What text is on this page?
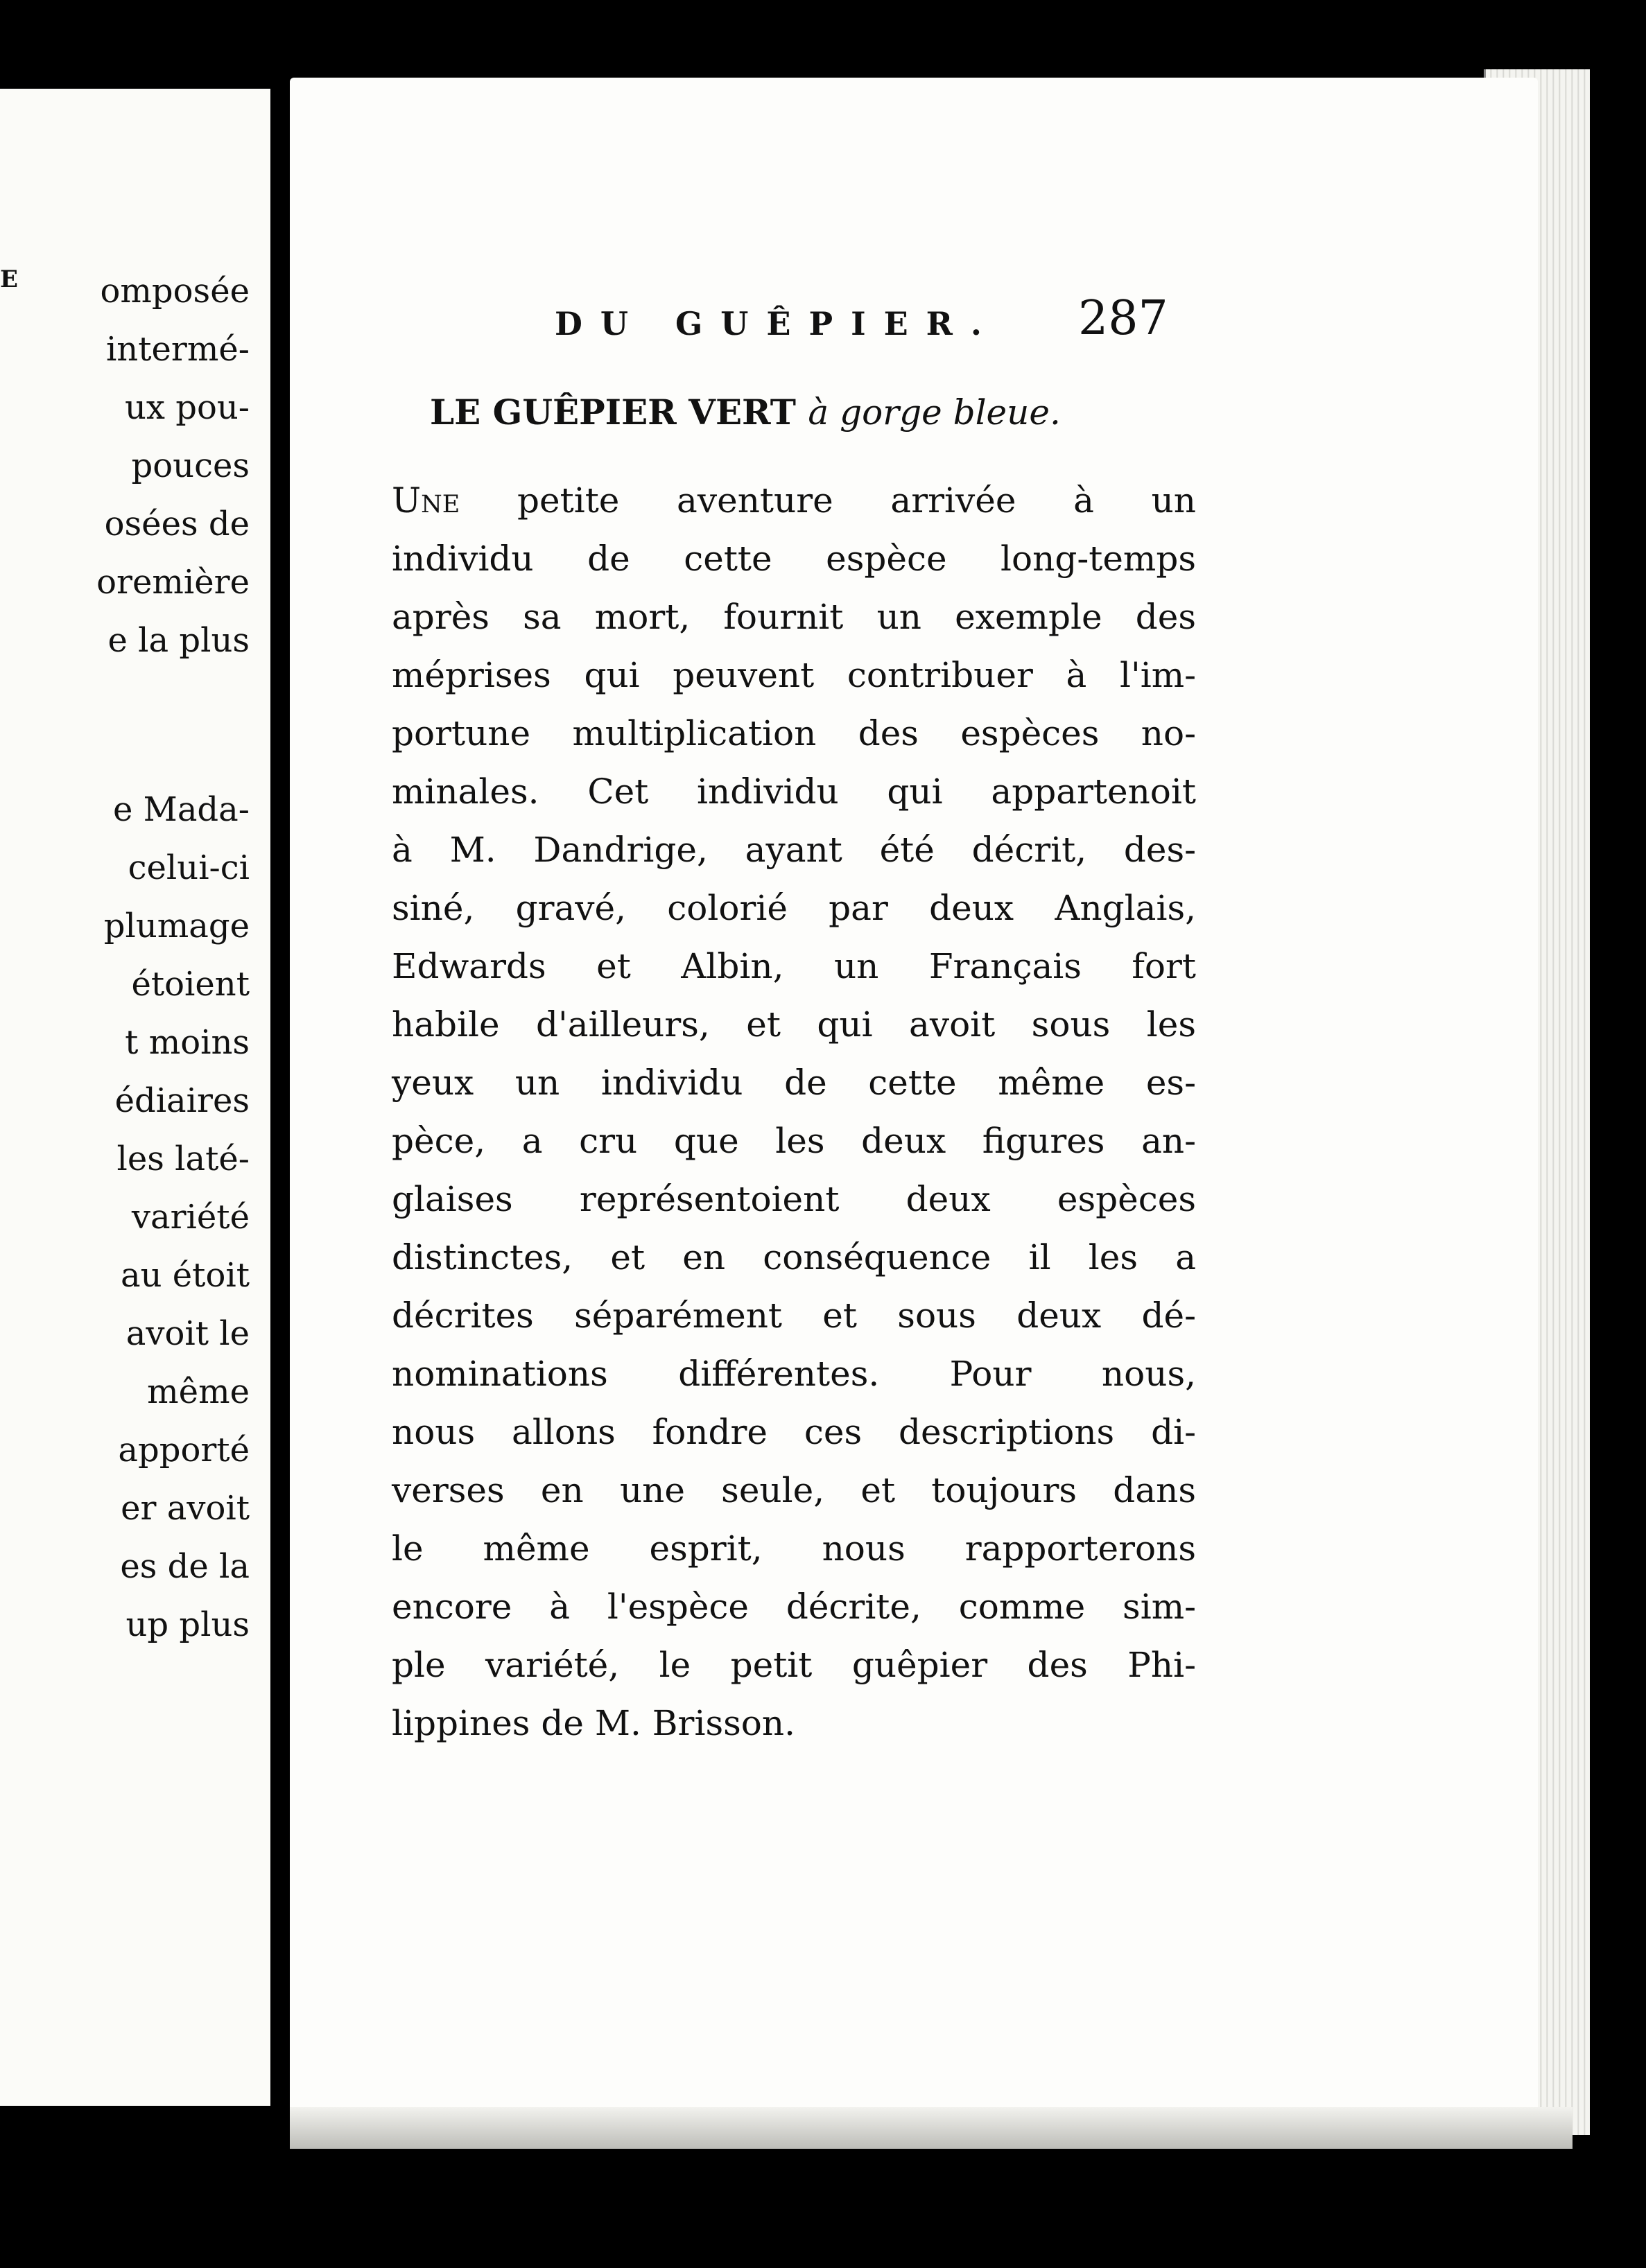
E	omposée
intermé-
ux pou-
pouces
osées de
oremière
e la plus
e Mada-
celui-ci
plumage
étoient
t moins
édiaires
les laté-
variété
au étoit
avoit le
même
apporté
er avoit
es de la
up plus
DU GUÊPIER. 287
LE GUÊPIER VERT à gorge bleue.
Une petite aventure arrivée à un
individu de cette espèce long-temps
après sa mort, fournit un exemple des
méprises qui peuvent contribuer à l'im-
portune multiplication des espèces no-
minales. Cet individu qui appartenoit
à M. Dandrige, ayant été décrit, des-
siné, gravé, colorié par deux Anglais,
Edwards et Albin, un Français fort
habile d'ailleurs, et qui avoit sous les
yeux un individu de cette même es-
pèce, a cru que les deux figures an-
glaises représentoient deux espèces
distinctes, et en conséquence il les a
décrites séparément et sous deux dé-
nominations différentes. Pour nous,
nous allons fondre ces descriptions di-
verses en une seule, et toujours dans
le même esprit, nous rapporterons
encore à l'espèce décrite, comme sim-
ple variété, le petit guêpier des Phi-
lippines de M. Brisson.
